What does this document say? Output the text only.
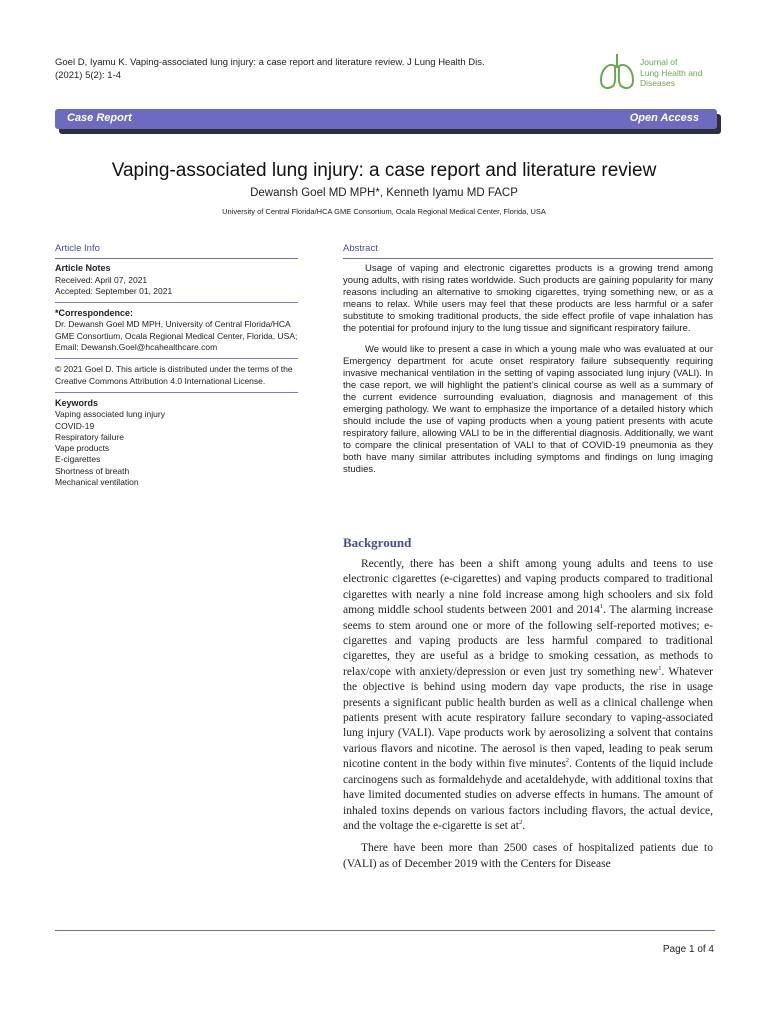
Goel D, Iyamu K. Vaping-associated lung injury: a case report and literature review. J Lung Health Dis. (2021) 5(2): 1-4
Journal of
Lung Health and
Diseases
Case Report	Open Access
Vaping-associated lung injury: a case report and literature review
Dewansh Goel MD MPH*, Kenneth Iyamu MD FACP
University of Central Florida/HCA GME Consortium, Ocala Regional Medical Center, Florida, USA
Article Info
Article Notes
Received: April 07, 2021
Accepted: September 01, 2021
*Correspondence:
Dr. Dewansh Goel MD MPH, University of Central Florida/HCA
GME Consortium, Ocala Regional Medical Center, Florida, USA;
Email: Dewansh.Goel@hcahealthcare.com
© 2021 Goel D. This article is distributed under the terms of the
Creative Commons Attribution 4.0 International License.
Keywords
Vaping associated lung injury
COVID-19
Respiratory failure
Vape products
E-cigarettes
Shortness of breath
Mechanical ventilation
Abstract

Usage of vaping and electronic cigarettes products is a growing trend among young adults, with rising rates worldwide. Such products are gaining popularity for many reasons including an alternative to smoking cigarettes, trying something new, or as a means to relax. While users may feel that these products are less harmful or a safer substitute to smoking traditional products, the side effect profile of vape inhalation has the potential for profound injury to the lung tissue and significant respiratory failure.

We would like to present a case in which a young male who was evaluated at our Emergency department for acute onset respiratory failure subsequently requiring invasive mechanical ventilation in the setting of vaping associated lung injury (VALI). In the case report, we will highlight the patient’s clinical course as well as a summary of the current evidence surrounding evaluation, diagnosis and management of this emerging pathology. We want to emphasize the importance of a detailed history which should include the use of vaping products when a young patient presents with acute respiratory failure, allowing VALI to be in the differential diagnosis. Additionally, we want to compare the clinical presentation of VALI to that of COVID-19 pneumonia as they both have many similar attributes including symptoms and findings on lung imaging studies.

Background

Recently, there has been a shift among young adults and teens to use electronic cigarettes (e-cigarettes) and vaping products compared to traditional cigarettes with nearly a nine fold increase among high schoolers and six fold among middle school students between 2001 and 2014$^1$. The alarming increase seems to stem around one or more of the following self-reported motives; e-cigarettes and vaping products are less harmful compared to traditional cigarettes, they are useful as a bridge to smoking cessation, as methods to relax/cope with anxiety/depression or even just try something new$^1$. Whatever the objective is behind using modern day vape products, the rise in usage presents a significant public health burden as well as a clinical challenge when patients present with acute respiratory failure secondary to vaping-associated lung injury (VALI). Vape products work by aerosolizing a solvent that contains various flavors and nicotine. The aerosol is then vaped, leading to peak serum nicotine content in the body within five minutes$^2$. Contents of the liquid include carcinogens such as formaldehyde and acetaldehyde, with additional toxins that have limited documented studies on adverse effects in humans. The amount of inhaled toxins depends on various factors including flavors, the actual device, and the voltage the e-cigarette is set $at^2$.

There have been more than 2500 cases of hospitalized patients due to (VALI) as of December 2019 with the Centers for Disease

Page 1 of 4
